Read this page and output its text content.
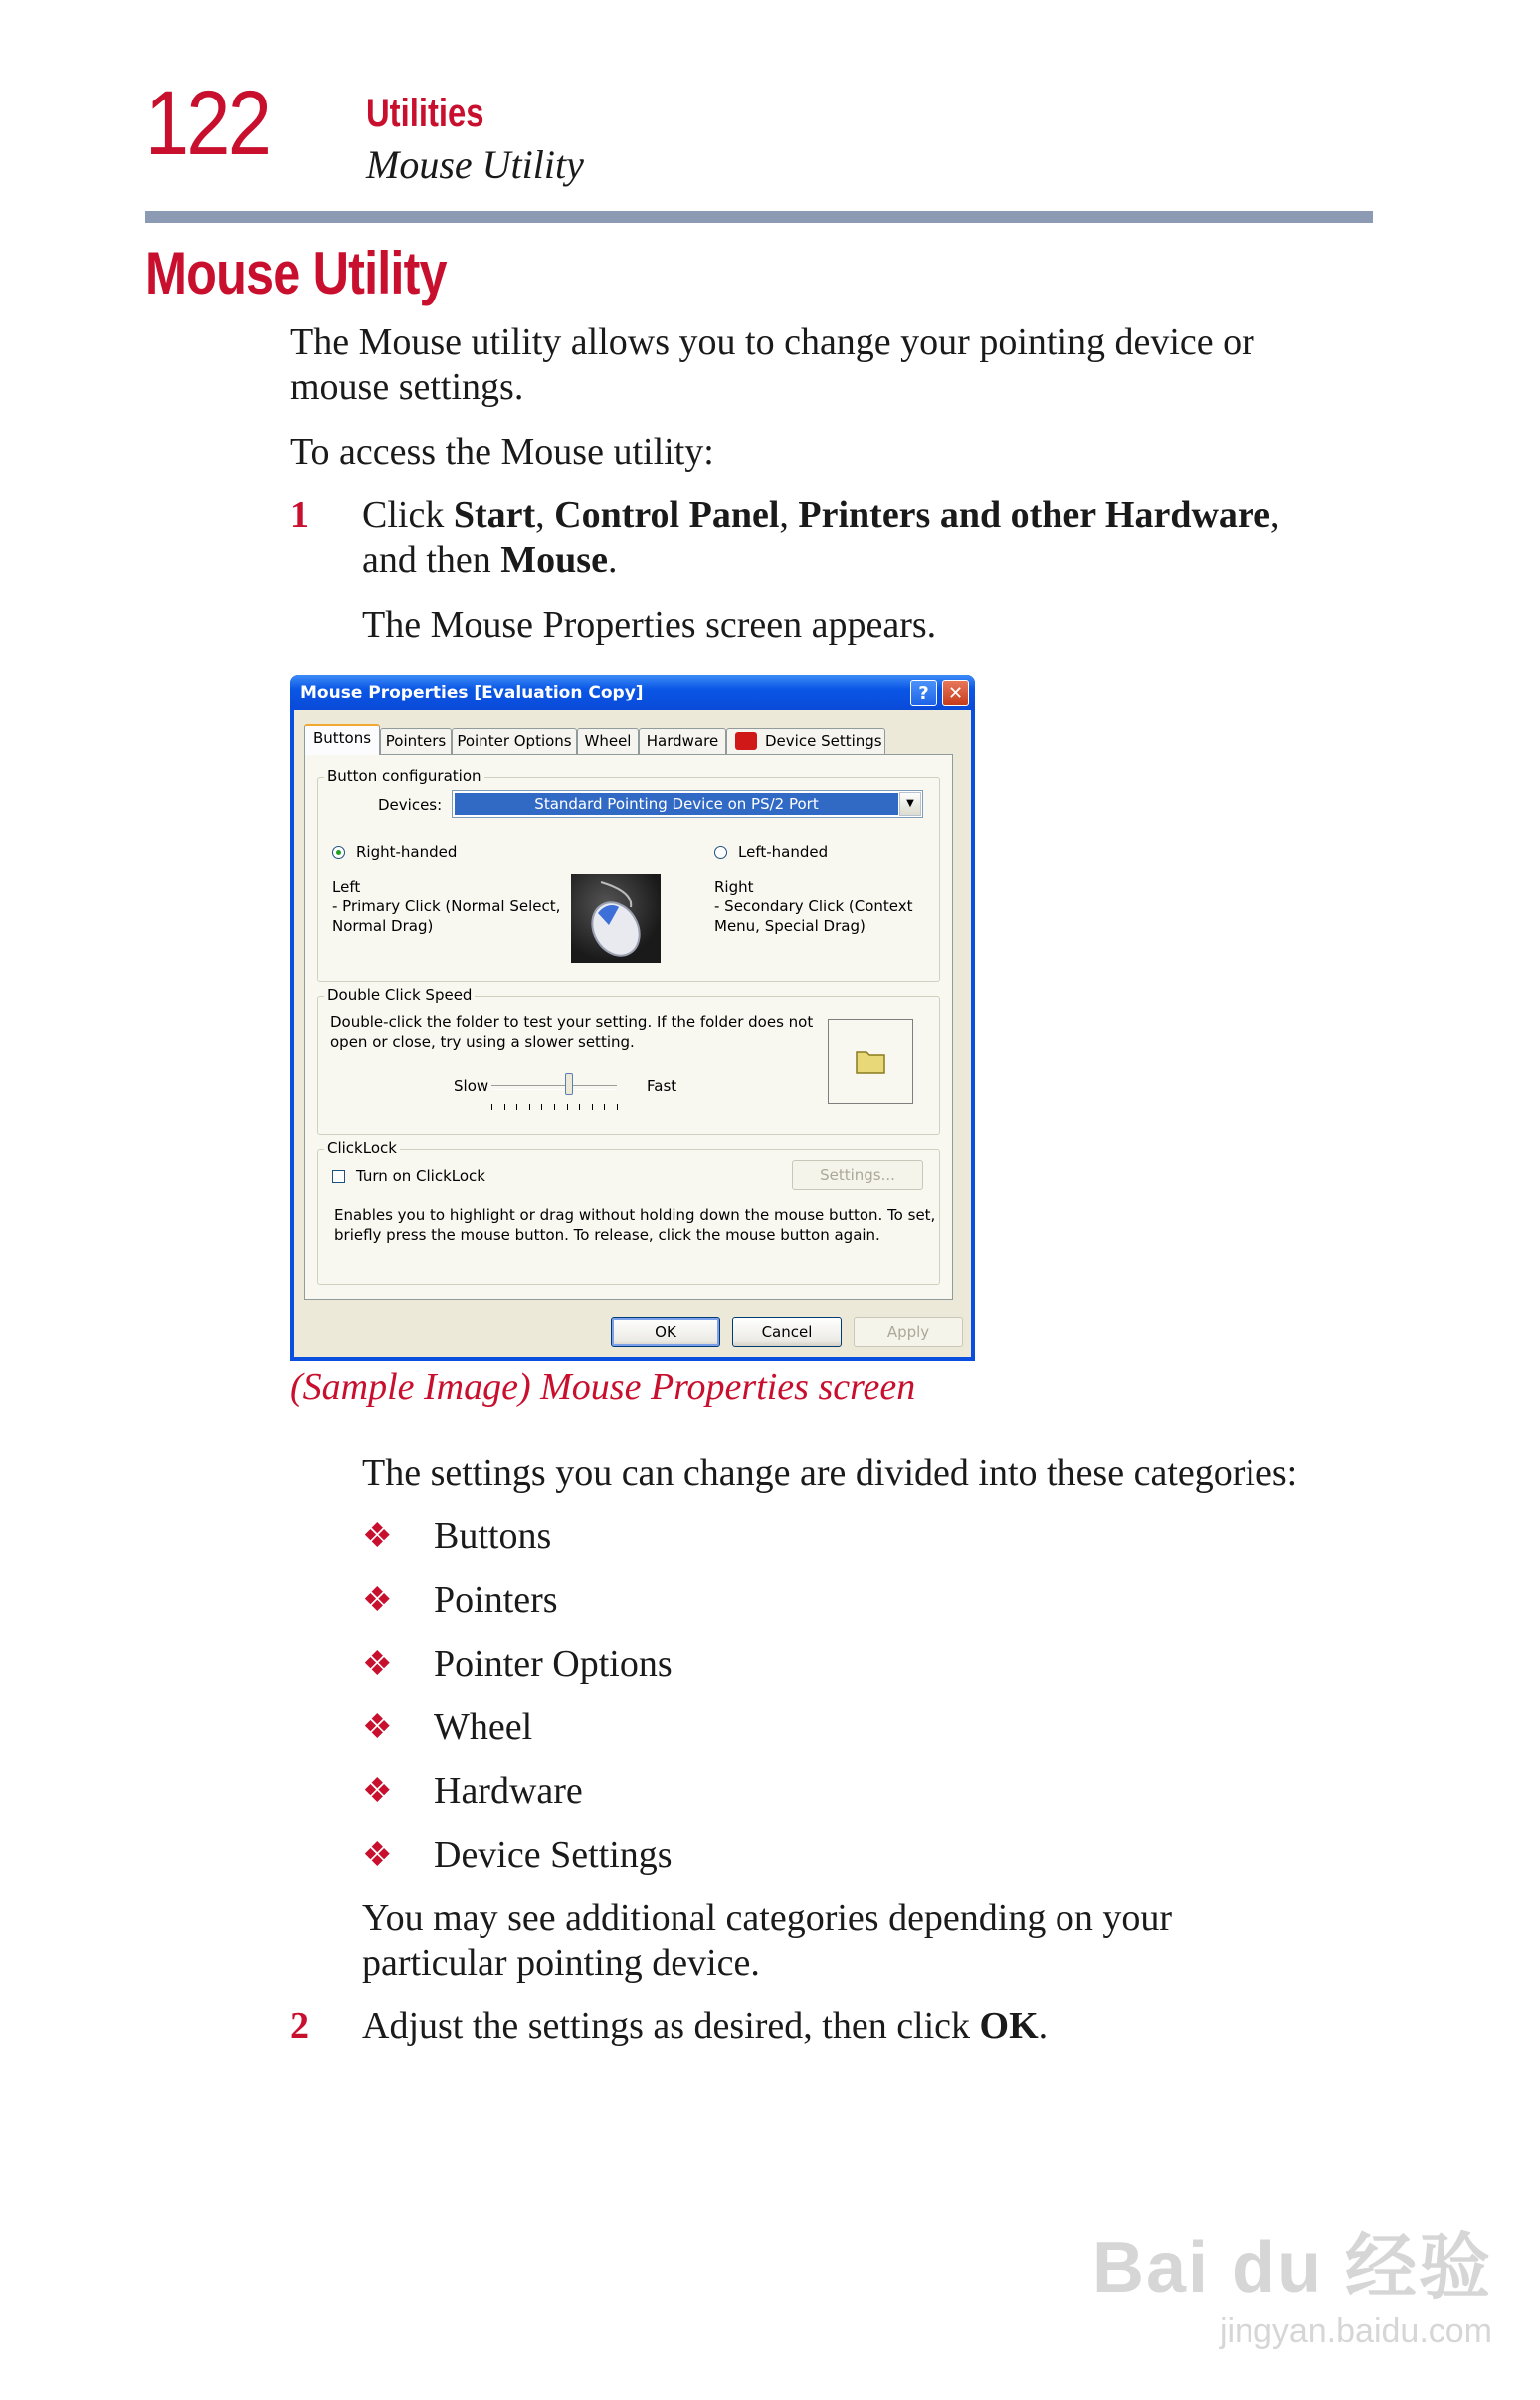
122 Utilities
Mouse Utility
Mouse Utility
The Mouse utility allows you to change your pointing device or
mouse settings.
To access the Mouse utility:
1 Click Start, Control Panel, Printers and other Hardware,
and then Mouse.
The Mouse Properties screen appears.
Mouse Properties [Evaluation Copy]	?	✕
Buttons Pointers Pointer Options Wheel	Hardware	Device Settings
Button configuration
Devices:	Standard Pointing Device on PS/2 Port	▼
Right-handed	Left-handed
Left
- Primary Click (Normal Select,
Normal Drag)
Right
- Secondary Click (Context
Menu, Special Drag)
Double Click Speed
Double-click the folder to test your setting. If the folder does not
open or close, try using a slower setting.
Slow	Fast
ClickLock
Turn on ClickLock	Settings...
Enables you to highlight or drag without holding down the mouse button. To set,
briefly press the mouse button. To release, click the mouse button again.
OK	Cancel	Apply
(Sample Image) Mouse Properties screen
The settings you can change are divided into these categories:
❖ Buttons
❖ Pointers
❖ Pointer Options
❖ Wheel
❖ Hardware
❖ Device Settings
You may see additional categories depending on your
particular pointing device.
2 Adjust the settings as desired, then click OK.
Bai du 经验
jingyan.baidu.com
